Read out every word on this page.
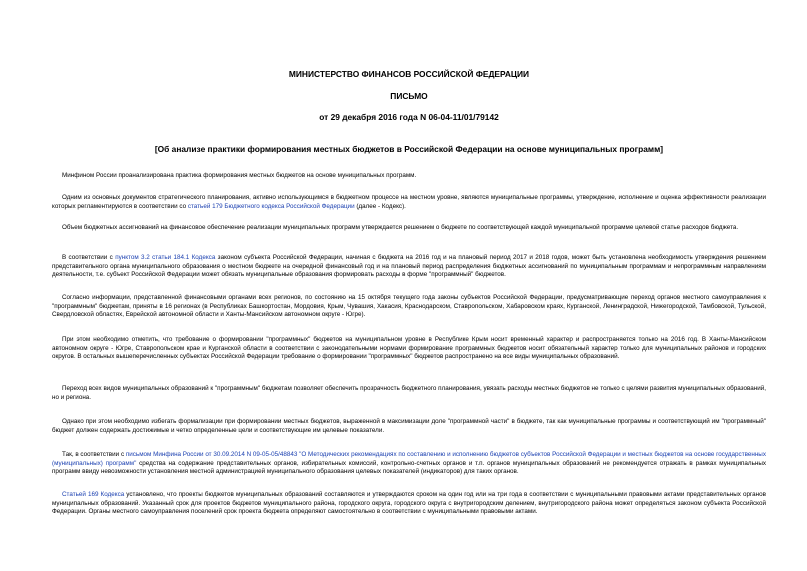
МИНИСТЕРСТВО ФИНАНСОВ РОССИЙСКОЙ ФЕДЕРАЦИИ
ПИСЬМО
от 29 декабря 2016 года N 06-04-11/01/79142
[Об анализе практики формирования местных бюджетов в Российской Федерации на основе муниципальных программ]
Минфином России проанализирована практика формирования местных бюджетов на основе муниципальных программ.
Одним из основных документов стратегического планирования, активно использующимся в бюджетном процессе на местном уровне, являются муниципальные программы, утверждение, исполнение и оценка эффективности реализации которых регламентируются в соответствии со статьей 179 Бюджетного кодекса Российской Федерации (далее - Кодекс).
Объем бюджетных ассигнований на финансовое обеспечение реализации муниципальных программ утверждается решением о бюджете по соответствующей каждой муниципальной программе целевой статье расходов бюджета.
В соответствии с пунктом 3.2 статьи 184.1 Кодекса законом субъекта Российской Федерации, начиная с бюджета на 2016 год и на плановый период 2017 и 2018 годов, может быть установлена необходимость утверждения решением представительного органа муниципального образования о местном бюджете на очередной финансовый год и на плановый период распределения бюджетных ассигнований по муниципальным программам и непрограммным направлениям деятельности, т.е. субъект Российской Федерации может обязать муниципальные образования формировать расходы в форме "программный" бюджетов.
Согласно информации, представленной финансовыми органами всех регионов, по состоянию на 15 октября текущего года законы субъектов Российской Федерации, предусматривающие переход органов местного самоуправления к "программным" бюджетам, приняты в 16 регионах (в Республиках Башкортостан, Мордовия, Крым, Чувашия, Хакасия, Краснодарском, Ставропольском, Хабаровском краях, Курганской, Ленинградской, Нижегородской, Тамбовской, Тульской, Свердловской областях, Еврейской автономной области и Ханты-Мансийском автономном округе - Югре).
При этом необходимо отметить, что требование о формировании "программных" бюджетов на муниципальном уровне в Республике Крым носит временный характер и распространяется только на 2016 год. В Ханты-Мансийском автономном округе - Югре, Ставропольском крае и Курганской области в соответствии с законодательными нормами формирование программных бюджетов носит обязательный характер только для муниципальных районов и городских округов. В остальных вышеперечисленных субъектах Российской Федерации требование о формировании "программных" бюджетов распространено на все виды муниципальных образований.
Переход всех видов муниципальных образований к "программным" бюджетам позволяет обеспечить прозрачность бюджетного планирования, увязать расходы местных бюджетов не только с целями развития муниципальных образований, но и региона.
Однако при этом необходимо избегать формализации при формировании местных бюджетов, выраженной в максимизации доле "программной части" в бюджете, так как муниципальные программы и соответствующий им "программный" бюджет должен содержать достижимые и четко определенные цели и соответствующие им целевые показатели.
Так, в соответствии с письмом Минфина России от 30.09.2014 N 09-05-05/48843 "О Методических рекомендациях по составлению и исполнению бюджетов субъектов Российской Федерации и местных бюджетов на основе государственных (муниципальных) программ" средства на содержание представительных органов, избирательных комиссий, контрольно-счетных органов и т.п. органов муниципальных образований не рекомендуется отражать в рамках муниципальных программ ввиду невозможности установления местной администрацией муниципального образования целевых показателей (индикаторов) для таких органов.
Статьей 169 Кодекса установлено, что проекты бюджетов муниципальных образований составляются и утверждаются сроком на один год или на три года в соответствии с муниципальными правовыми актами представительных органов муниципальных образований. Указанный срок для проектов бюджетов муниципального района, городского округа, городского округа с внутригородским делением, внутригородского района может определяться законом субъекта Российской Федерации. Органы местного самоуправления поселений срок проекта бюджета определяют самостоятельно в соответствии с муниципальными правовыми актами.
